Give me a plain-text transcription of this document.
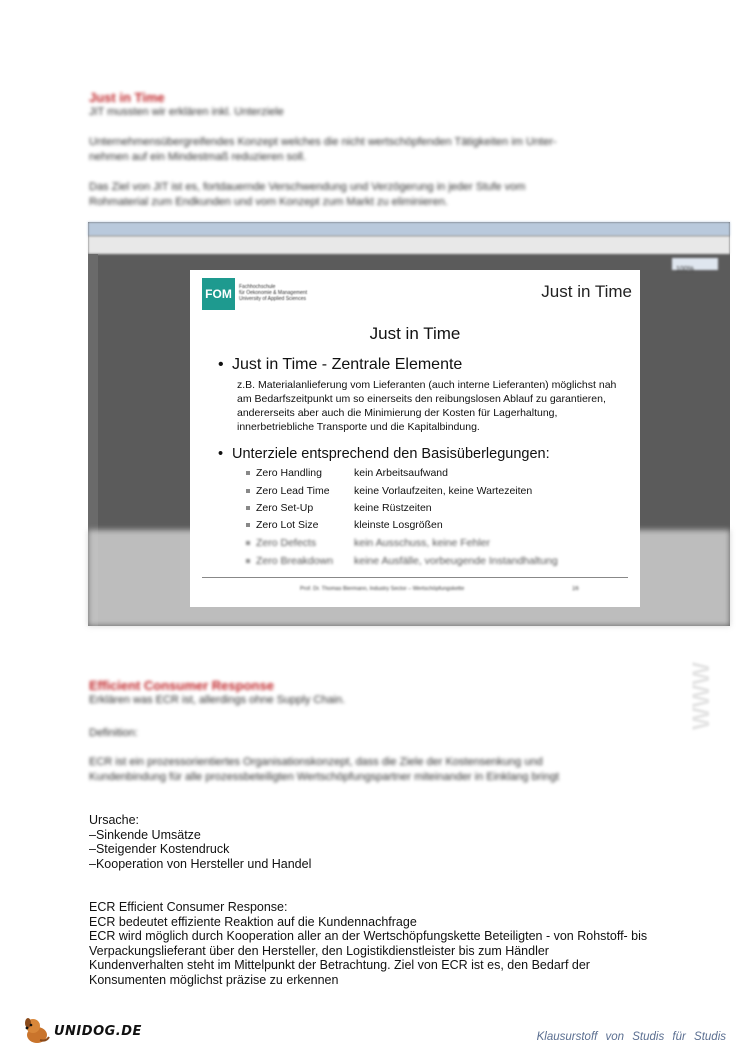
Just in Time
JIT mussten wir erklären inkl. Unterziele
Unternehmensübergreifendes Konzept welches die nicht wertschöpfenden Tätigkeiten im Unter-
nehmen auf ein Mindestmaß reduzieren soll.
Das Ziel von JIT ist es, fortdauernde Verschwendung und Verzögerung in jeder Stufe vom
Rohmaterial zum Endkunden und vom Konzept zum Markt zu eliminieren.
100%
FOM	Fachhochschule
für Oekonomie & Management
University of Applied Sciences	Just in Time
Just in Time
• Just in Time - Zentrale Elemente
z.B. Materialanlieferung vom Lieferanten (auch interne Lieferanten) möglichst nah am Bedarfszeitpunkt um so einerseits den reibungslosen Ablauf zu garantieren, andererseits aber auch die Minimierung der Kosten für Lagerhaltung, innerbetriebliche Transporte und die Kapitalbindung.
• Unterziele entsprechend den Basisüberlegungen:
Zero Handling	kein Arbeitsaufwand
Zero Lead Time keine Vorlaufzeiten, keine Wartezeiten
Zero Set-Up	keine Rüstzeiten
Zero Lot Size	kleinste Losgrößen
Zero Defects	kein Ausschuss, keine Fehler
Zero Breakdown keine Ausfälle, vorbeugende Instandhaltung
Prof. Dr. Thomas Biermann, Industry Sector – Wertschöpfungskette	16
Efficient Consumer Response
Erklären was ECR ist, allerdings ohne Supply Chain.
Definition:
ECR ist ein prozessorientiertes Organisationskonzept, dass die Ziele der Kostensenkung und
Kundenbindung für alle prozessbeteiligten Wertschöpfungspartner miteinander in Einklang bringt
Ursache:
–Sinkende Umsätze
–Steigender Kostendruck
–Kooperation von Hersteller und Handel
ECR Efficient Consumer Response:
ECR bedeutet effiziente Reaktion auf die Kundennachfrage
ECR wird möglich durch Kooperation aller an der Wertschöpfungskette Beteiligten - von Rohstoff- bis
Verpackungslieferant über den Hersteller, den Logistikdienstleister bis zum Händler
Kundenverhalten steht im Mittelpunkt der Betrachtung. Ziel von ECR ist es, den Bedarf der
Konsumenten möglichst präzise zu erkennen
WWW
UNIDOG.DE	Klausurstoff von Studis für Studis
